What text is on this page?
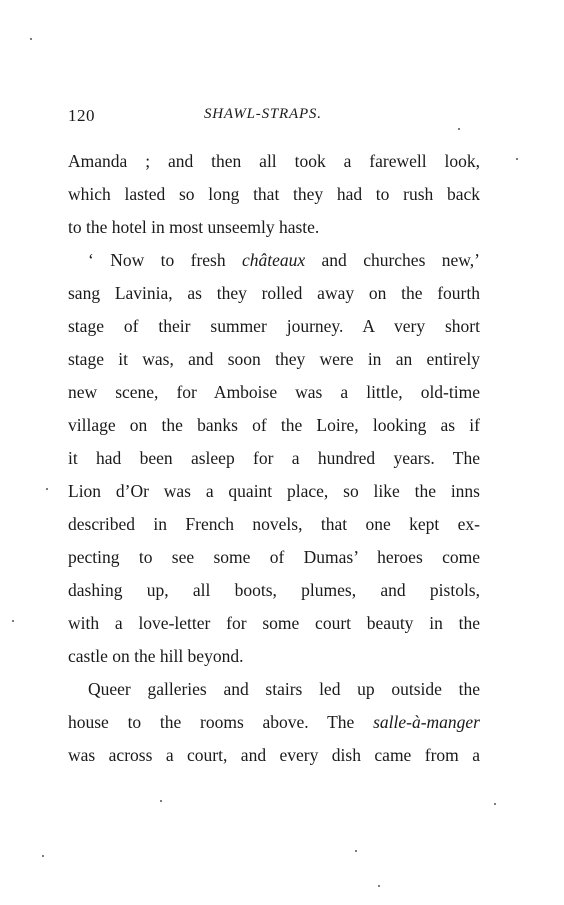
120	SHAWL-STRAPS.
Amanda ; and then all took a farewell look,
which lasted so long that they had to rush back
to the hotel in most unseemly haste.
‘ Now to fresh châteaux and churches new,’
sang Lavinia, as they rolled away on the fourth
stage of their summer journey. A very short
stage it was, and soon they were in an entirely
new scene, for Amboise was a little, old-time
village on the banks of the Loire, looking as if
it had been asleep for a hundred years. The
Lion d’Or was a quaint place, so like the inns
described in French novels, that one kept ex-
pecting to see some of Dumas’ heroes come
dashing up, all boots, plumes, and pistols,
with a love-letter for some court beauty in the
castle on the hill beyond.
Queer galleries and stairs led up outside the
house to the rooms above. The salle-à-manger
was across a court, and every dish came from a
